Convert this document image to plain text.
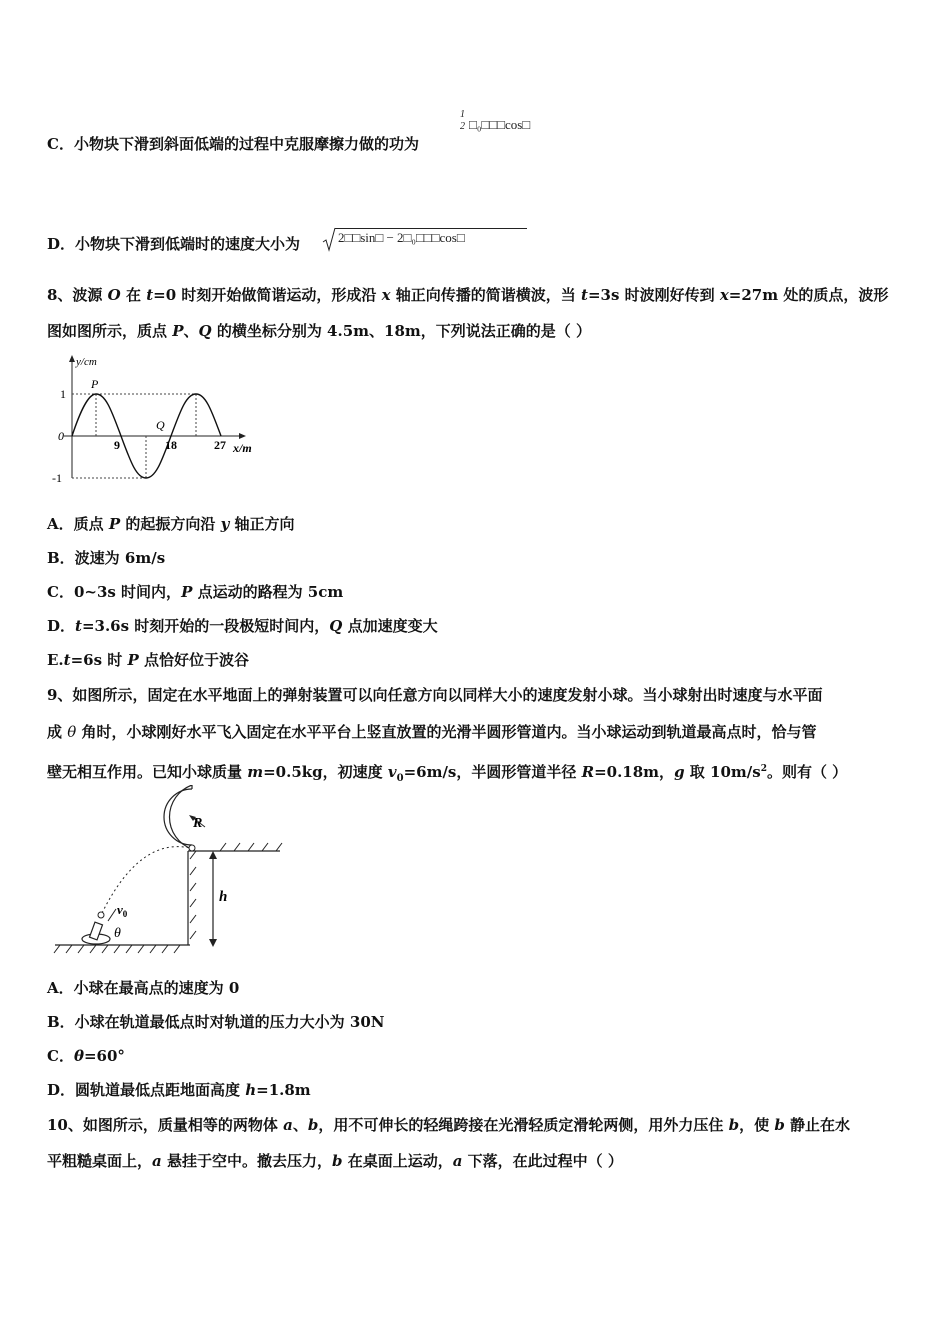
C．小物块下滑到斜面低端的过程中克服摩擦力做的功为
1
2 □₀□□□cos□
D．小物块下滑到低端时的速度大小为	2□□sin□ − 2□₀□□□cos□
8、波源 O 在 t=0 时刻开始做简谐运动，形成沿 x 轴正向传播的简谐横波，当 t=3s 时波刚好传到 x=27m 处的质点，波形
图如图所示，质点 P、Q 的横坐标分别为 4.5m、18m，下列说法正确的是（ ）
y/cm
x/m
0
1
-1
9	18	27
P
Q
A．质点 P 的起振方向沿 y 轴正方向
B．波速为 6m/s
C．0~3s 时间内，P 点运动的路程为 5cm
D．t=3.6s 时刻开始的一段极短时间内，Q 点加速度变大
E.t=6s 时 P 点恰好位于波谷
9、如图所示，固定在水平地面上的弹射装置可以向任意方向以同样大小的速度发射小球。当小球射出时速度与水平面
成 θ 角时，小球刚好水平飞入固定在水平平台上竖直放置的光滑半圆形管道内。当小球运动到轨道最高点时，恰与管
壁无相互作用。已知小球质量 m=0.5kg，初速度 $v_0=6m/s$，半圆形管道半径 R=0.18m，g 取 $10m/s^2$。则有（ ）
R
h
$v_0$
θ
A．小球在最高点的速度为 0
B．小球在轨道最低点时对轨道的压力大小为 30N
C．θ=60°
D．圆轨道最低点距地面高度 h=1.8m
10、如图所示，质量相等的两物体 a、b，用不可伸长的轻绳跨接在光滑轻质定滑轮两侧，用外力压住 b，使 b 静止在水
平粗糙桌面上，a 悬挂于空中。撤去压力，b 在桌面上运动，a 下落，在此过程中（ ）
